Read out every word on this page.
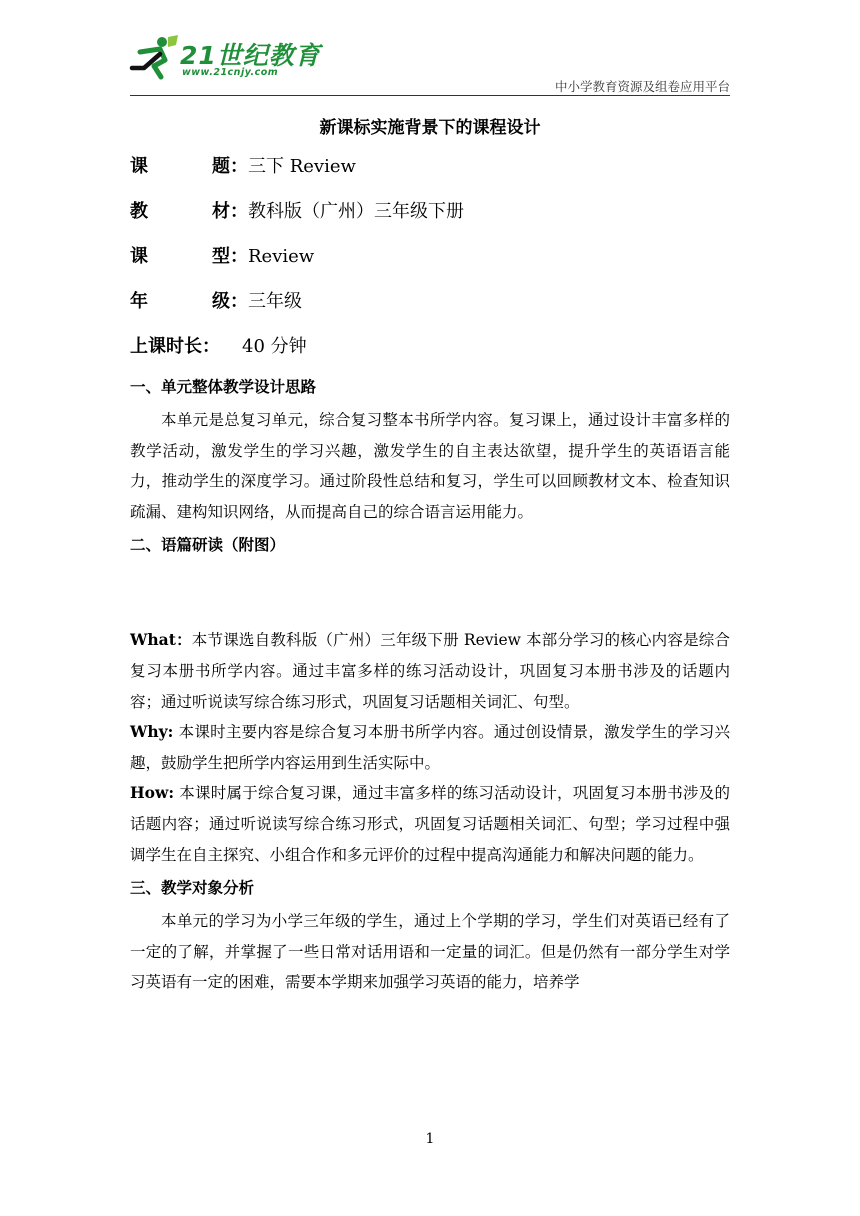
21世纪教育
www.21cnjy.com
中小学教育资源及组卷应用平台
新课标实施背景下的课程设计
课题：三下 Review
教材：教科版（广州）三年级下册
课型：Review
年级：三年级
上课时长： 40 分钟
一、单元整体教学设计思路

本单元是总复习单元，综合复习整本书所学内容。复习课上，通过设计丰富多样的教学活动，激发学生的学习兴趣，激发学生的自主表达欲望，提升学生的英语语言能力，推动学生的深度学习。通过阶段性总结和复习，学生可以回顾教材文本、检查知识疏漏、建构知识网络，从而提高自己的综合语言运用能力。

二、语篇研读（附图）

What：本节课选自教科版（广州）三年级下册 Review 本部分学习的核心内容是综合复习本册书所学内容。通过丰富多样的练习活动设计，巩固复习本册书涉及的话题内容；通过听说读写综合练习形式，巩固复习话题相关词汇、句型。

Why: 本课时主要内容是综合复习本册书所学内容。通过创设情景，激发学生的学习兴趣，鼓励学生把所学内容运用到生活实际中。

How: 本课时属于综合复习课，通过丰富多样的练习活动设计，巩固复习本册书涉及的话题内容；通过听说读写综合练习形式，巩固复习话题相关词汇、句型；学习过程中强调学生在自主探究、小组合作和多元评价的过程中提高沟通能力和解决问题的能力。

三、教学对象分析

本单元的学习为小学三年级的学生，通过上个学期的学习，学生们对英语已经有了一定的了解，并掌握了一些日常对话用语和一定量的词汇。但是仍然有一部分学生对学习英语有一定的困难，需要本学期来加强学习英语的能力，培养学

1
